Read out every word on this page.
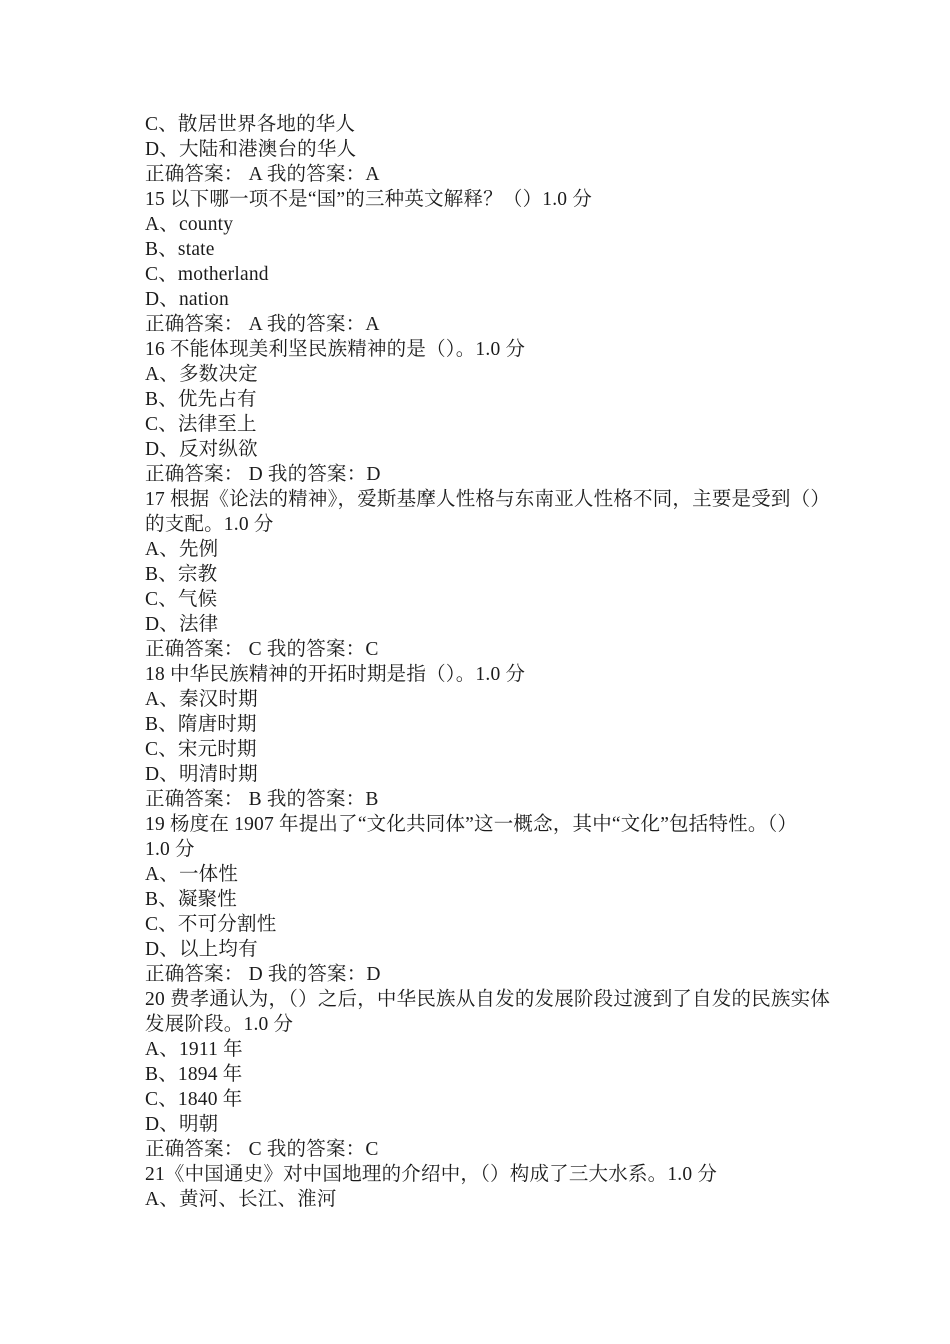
C、散居世界各地的华人
D、大陆和港澳台的华人
正确答案： A 我的答案：A
15 以下哪一项不是“国”的三种英文解释？（）1.0 分
A、county
B、state
C、motherland
D、nation
正确答案： A 我的答案：A
16 不能体现美利坚民族精神的是（）。1.0 分
A、多数决定
B、优先占有
C、法律至上
D、反对纵欲
正确答案： D 我的答案：D
17 根据《论法的精神》，爱斯基摩人性格与东南亚人性格不同，主要是受到（）
的支配。1.0 分
A、先例
B、宗教
C、气候
D、法律
正确答案： C 我的答案：C
18 中华民族精神的开拓时期是指（）。1.0 分
A、秦汉时期
B、隋唐时期
C、宋元时期
D、明清时期
正确答案： B 我的答案：B
19 杨度在 1907 年提出了“文化共同体”这一概念，其中“文化”包括特性。（）
1.0 分
A、一体性
B、凝聚性
C、不可分割性
D、以上均有
正确答案： D 我的答案：D
20 费孝通认为，（）之后，中华民族从自发的发展阶段过渡到了自发的民族实体
发展阶段。1.0 分
A、1911 年
B、1894 年
C、1840 年
D、明朝
正确答案： C 我的答案：C
21《中国通史》对中国地理的介绍中，（）构成了三大水系。1.0 分
A、黄河、长江、淮河
